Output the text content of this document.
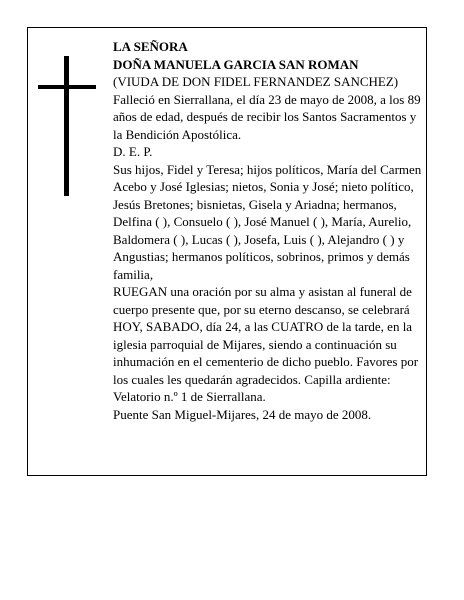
LA SEÑORA

DOÑA MANUELA GARCIA SAN ROMAN

(VIUDA DE DON FIDEL FERNANDEZ SANCHEZ)

Falleció en Sierrallana, el día 23 de mayo de 2008, a los 89 años de edad, después de recibir los Santos Sacramentos y la Bendición Apostólica.

D. E. P.

Sus hijos, Fidel y Teresa; hijos políticos, María del Carmen Acebo y José Iglesias; nietos, Sonia y José; nieto político, Jesús Bretones; bisnietas, Gisela y Ariadna; hermanos, Delfina ( ), Consuelo ( ), José Manuel ( ), María, Aurelio, Baldomera ( ), Lucas ( ), Josefa, Luis ( ), Alejandro ( ) y Angustias; hermanos políticos, sobrinos, primos y demás familia,

RUEGAN una oración por su alma y asistan al funeral de cuerpo presente que, por su eterno descanso, se celebrará HOY, SABADO, día 24, a las CUATRO de la tarde, en la iglesia parroquial de Mijares, siendo a continuación su inhumación en el cementerio de dicho pueblo. Favores por los cuales les quedarán agradecidos. Capilla ardiente: Velatorio n.º 1 de Sierrallana.

Puente San Miguel-Mijares, 24 de mayo de 2008.
